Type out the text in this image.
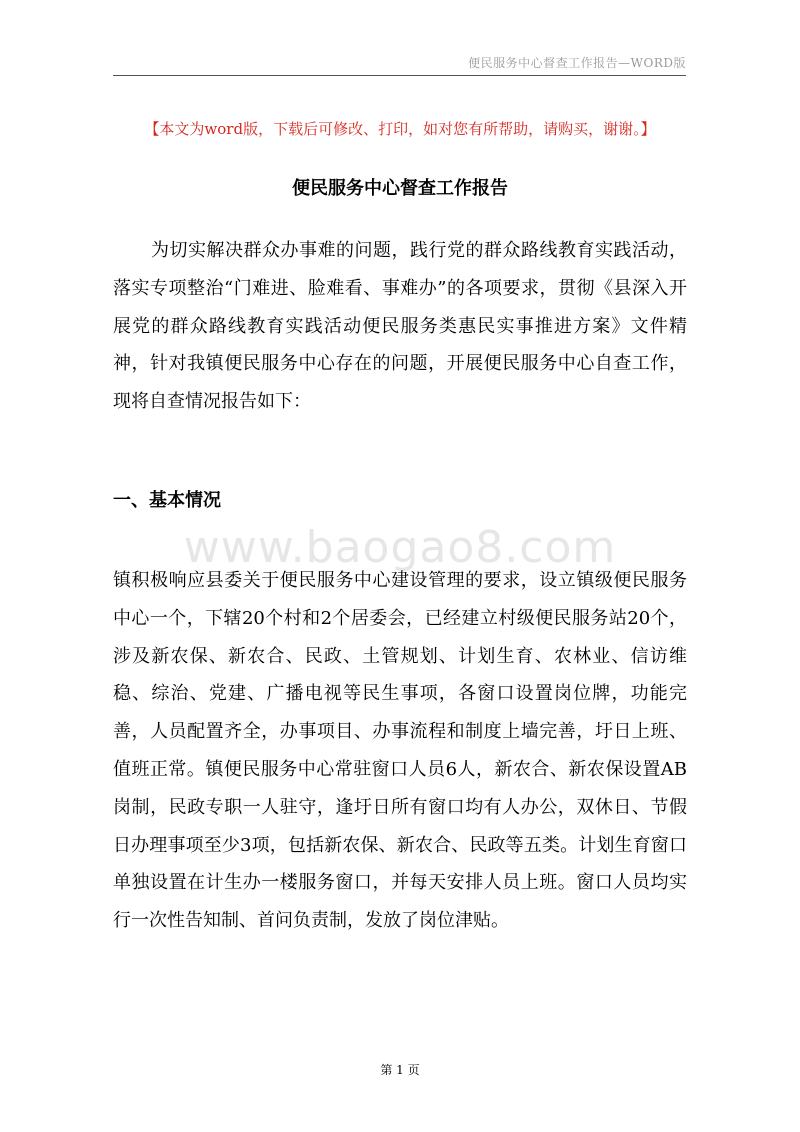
便民服务中心督查工作报告—WORD版
【本文为word版，下载后可修改、打印，如对您有所帮助，请购买，谢谢。】
便民服务中心督查工作报告

为切实解决群众办事难的问题，践行党的群众路线教育实践活动，落实专项整治“门难进、脸难看、事难办”的各项要求，贯彻《县深入开展党的群众路线教育实践活动便民服务类惠民实事推进方案》文件精神，针对我镇便民服务中心存在的问题，开展便民服务中心自查工作，现将自查情况报告如下：

一、基本情况
www.baogao8.com

镇积极响应县委关于便民服务中心建设管理的要求，设立镇级便民服务中心一个，下辖20个村和2个居委会，已经建立村级便民服务站20个，涉及新农保、新农合、民政、土管规划、计划生育、农林业、信访维稳、综治、党建、广播电视等民生事项，各窗口设置岗位牌，功能完善，人员配置齐全，办事项目、办事流程和制度上墙完善，圩日上班、值班正常。镇便民服务中心常驻窗口人员6人，新农合、新农保设置AB岗制，民政专职一人驻守，逢圩日所有窗口均有人办公，双休日、节假日办理事项至少3项，包括新农保、新农合、民政等五类。计划生育窗口单独设置在计生办一楼服务窗口，并每天安排人员上班。窗口人员均实行一次性告知制、首问负责制，发放了岗位津贴。

第 1 页
